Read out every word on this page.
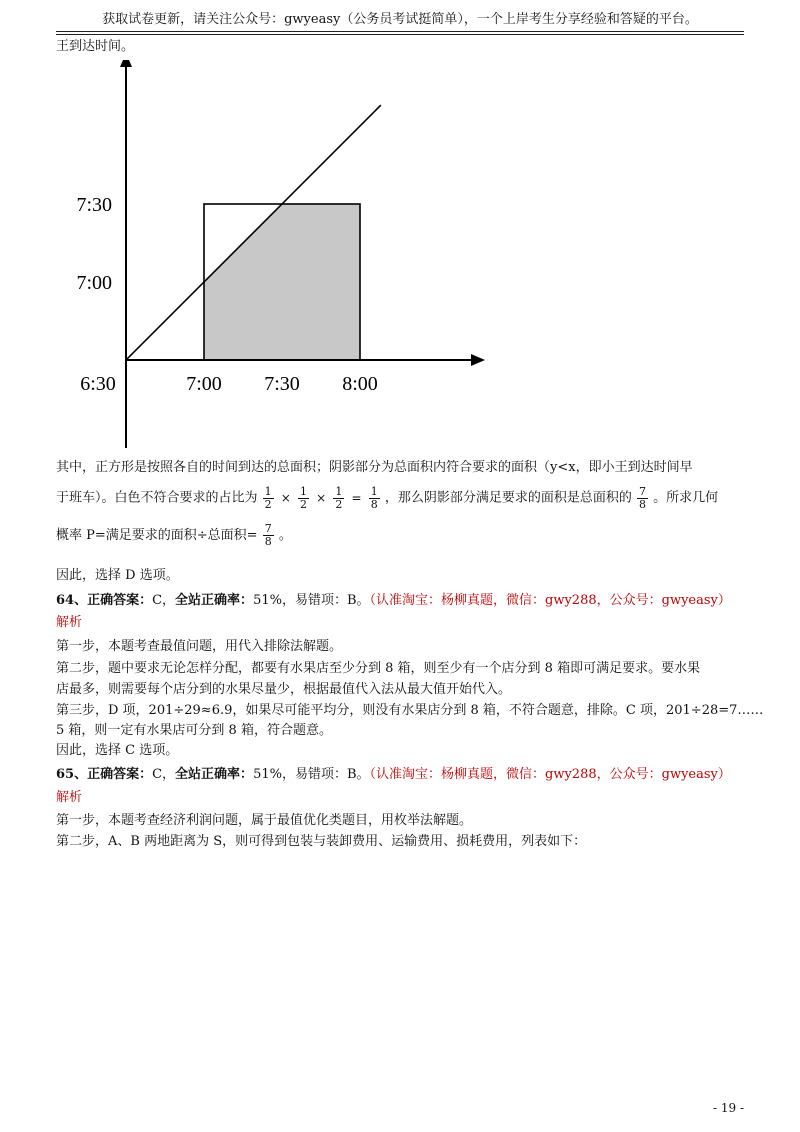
获取试卷更新，请关注公众号：gwyeasy（公务员考试挺简单），一个上岸考生分享经验和答疑的平台。
王到达时间。
6:30	7:00 7:30 8:00
7:00
7:30
其中，正方形是按照各自的时间到达的总面积；阴影部分为总面积内符合要求的面积（y<x，即小王到达时间早
于班车）。白色不符合要求的占比为 $\frac{1}{2} \times \frac{1}{2} \times \frac{1}{2} = \frac{1}{8}$ ，那么阴影部分满足要求的面积是总面积的 $\frac{7}{8}$ 。所求几何
概率 P=满足要求的面积÷总面积= $\frac{7}{8}$ 。
因此，选择 D 选项。
64、正确答案：C，全站正确率：51%，易错项：B。（认准淘宝：杨柳真题，微信：gwy288，公众号：gwyeasy）
解析
第一步，本题考查最值问题，用代入排除法解题。
第二步，题中要求无论怎样分配，都要有水果店至少分到 8 箱，则至少有一个店分到 8 箱即可满足要求。要水果
店最多，则需要每个店分到的水果尽量少，根据最值代入法从最大值开始代入。
第三步，D 项，201÷29≈6.9，如果尽可能平均分，则没有水果店分到 8 箱，不符合题意，排除。C 项，201÷28=7……
5 箱，则一定有水果店可分到 8 箱，符合题意。
因此，选择 C 选项。
65、正确答案：C，全站正确率：51%，易错项：B。（认准淘宝：杨柳真题，微信：gwy288，公众号：gwyeasy）
解析
第一步，本题考查经济利润问题，属于最值优化类题目，用枚举法解题。
第二步，A、B 两地距离为 S，则可得到包装与装卸费用、运输费用、损耗费用，列表如下：
- 19 -
